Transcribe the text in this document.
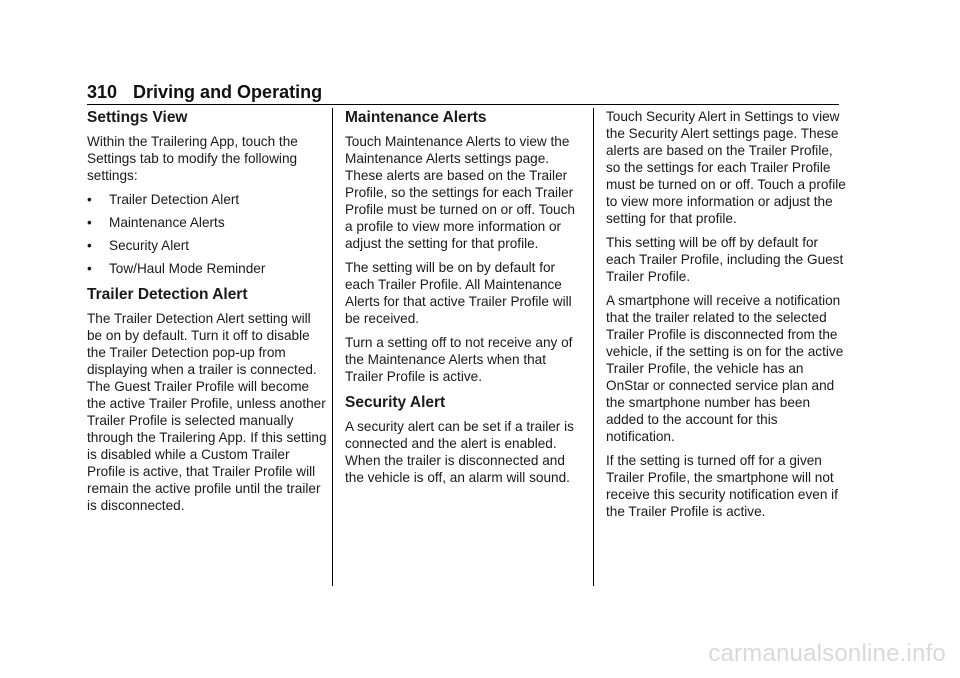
310 Driving and Operating
Settings View

Within the Trailering App, touch the Settings tab to modify the following settings:

• Trailer Detection Alert
• Maintenance Alerts
• Security Alert
• Tow/Haul Mode Reminder
Trailer Detection Alert

The Trailer Detection Alert setting will be on by default. Turn it off to disable the Trailer Detection pop-up from displaying when a trailer is connected. The Guest Trailer Profile will become the active Trailer Profile, unless another Trailer Profile is selected manually through the Trailering App. If this setting is disabled while a Custom Trailer Profile is active, that Trailer Profile will remain the active profile until the trailer is disconnected.

Maintenance Alerts

Touch Maintenance Alerts to view the Maintenance Alerts settings page. These alerts are based on the Trailer Profile, so the settings for each Trailer Profile must be turned on or off. Touch a profile to view more information or adjust the setting for that profile.

The setting will be on by default for each Trailer Profile. All Maintenance Alerts for that active Trailer Profile will be received.

Turn a setting off to not receive any of the Maintenance Alerts when that Trailer Profile is active.

Security Alert

A security alert can be set if a trailer is connected and the alert is enabled. When the trailer is disconnected and the vehicle is off, an alarm will sound.

Touch Security Alert in Settings to view the Security Alert settings page. These alerts are based on the Trailer Profile, so the settings for each Trailer Profile must be turned on or off. Touch a profile to view more information or adjust the setting for that profile.

This setting will be off by default for each Trailer Profile, including the Guest Trailer Profile.

A smartphone will receive a notification that the trailer related to the selected Trailer Profile is disconnected from the vehicle, if the setting is on for the active Trailer Profile, the vehicle has an OnStar or connected service plan and the smartphone number has been added to the account for this notification.

If the setting is turned off for a given Trailer Profile, the smartphone will not receive this security notification even if the Trailer Profile is active.

carmanualsonline.info
